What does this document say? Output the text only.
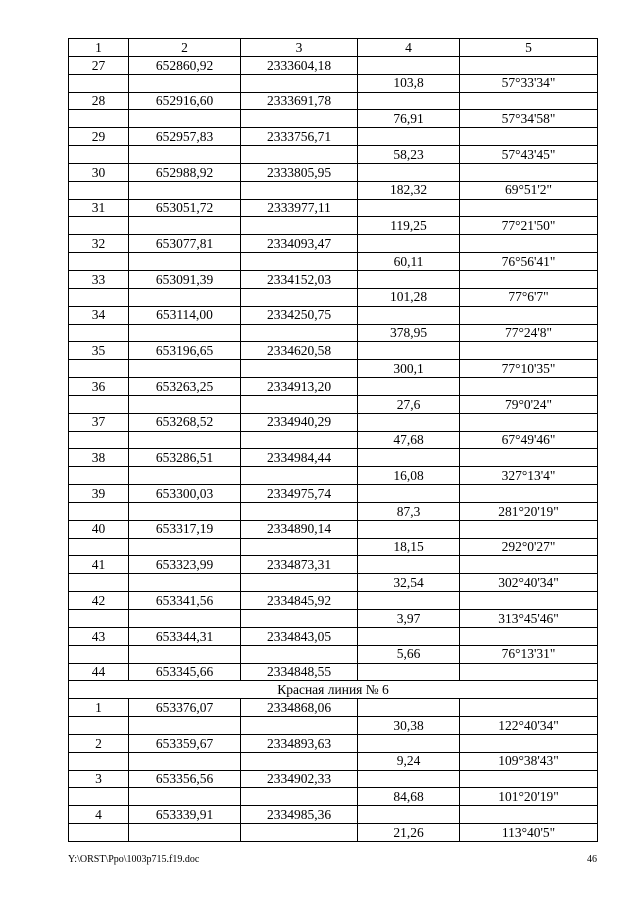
1	2	3	4	5
27	652860,92	2333604,18		
			103,8	57°33'34"
28	652916,60	2333691,78		
			76,91	57°34'58"
29	652957,83	2333756,71		
			58,23	57°43'45"
30	652988,92	2333805,95		
			182,32	69°51'2"
31	653051,72	2333977,11		
			119,25	77°21'50"
32	653077,81	2334093,47		
			60,11	76°56'41"
33	653091,39	2334152,03		
			101,28	77°6'7"
34	653114,00	2334250,75		
			378,95	77°24'8"
35	653196,65	2334620,58		
			300,1	77°10'35"
36	653263,25	2334913,20		
			27,6	79°0'24"
37	653268,52	2334940,29		
			47,68	67°49'46"
38	653286,51	2334984,44		
			16,08	327°13'4"
39	653300,03	2334975,74		
			87,3	281°20'19"
40	653317,19	2334890,14		
			18,15	292°0'27"
41	653323,99	2334873,31		
			32,54	302°40'34"
42	653341,56	2334845,92		
			3,97	313°45'46"
43	653344,31	2334843,05		
			5,66	76°13'31"
44	653345,66	2334848,55		
Красная линия № 6				
1	653376,07	2334868,06		
			30,38	122°40'34"
2	653359,67	2334893,63		
			9,24	109°38'43"
3	653356,56	2334902,33		
			84,68	101°20'19"
4	653339,91	2334985,36		
			21,26	113°40'5"
Y:\ORST\Ppo\1003p715.f19.doc	46
